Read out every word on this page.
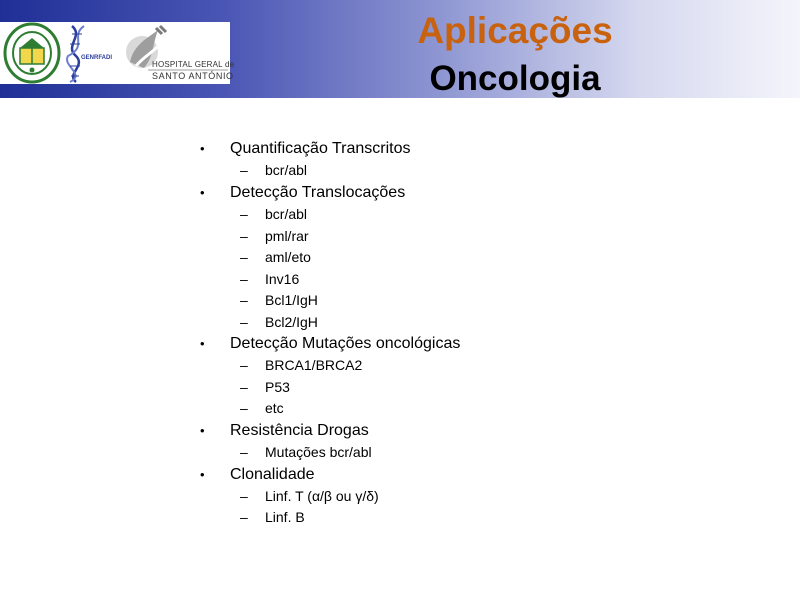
GENRFADI
HOSPITAL GERAL de
SANTO ANTÓNIO
Aplicações
Oncologia
• Quantificação Transcritos
– bcr/abl
• Detecção Translocações
– bcr/abl
– pml/rar
– aml/eto
– Inv16
– Bcl1/IgH
– Bcl2/IgH
• Detecção Mutações oncológicas
– BRCA1/BRCA2
– P53
– etc
• Resistência Drogas
– Mutações bcr/abl
• Clonalidade
– Linf. T (α/β ou γ/δ)
– Linf. B
